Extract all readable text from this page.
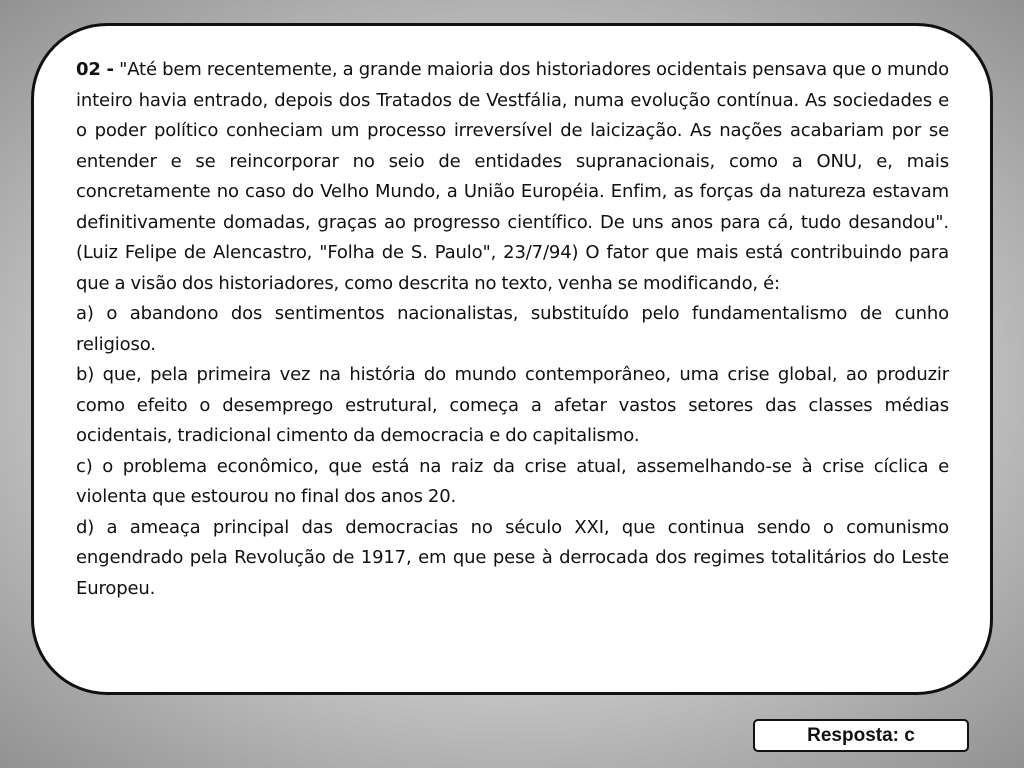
02 - "Até bem recentemente, a grande maioria dos historiadores ocidentais pensava que o mundo inteiro havia entrado, depois dos Tratados de Vestfália, numa evolução contínua. As sociedades e o poder político conheciam um processo irreversível de laicização. As nações acabariam por se entender e se reincorporar no seio de entidades supranacionais, como a ONU, e, mais concretamente no caso do Velho Mundo, a União Européia. Enfim, as forças da natureza estavam definitivamente domadas, graças ao progresso científico. De uns anos para cá, tudo desandou". (Luiz Felipe de Alencastro, "Folha de S. Paulo", 23/7/94) O fator que mais está contribuindo para que a visão dos historiadores, como descrita no texto, venha se modificando, é:

a) o abandono dos sentimentos nacionalistas, substituído pelo fundamentalismo de cunho religioso.

b) que, pela primeira vez na história do mundo contemporâneo, uma crise global, ao produzir como efeito o desemprego estrutural, começa a afetar vastos setores das classes médias ocidentais, tradicional cimento da democracia e do capitalismo.

c) o problema econômico, que está na raiz da crise atual, assemelhando-se à crise cíclica e violenta que estourou no final dos anos 20.

d) a ameaça principal das democracias no século XXI, que continua sendo o comunismo engendrado pela Revolução de 1917, em que pese à derrocada dos regimes totalitários do Leste Europeu.

Resposta: c
